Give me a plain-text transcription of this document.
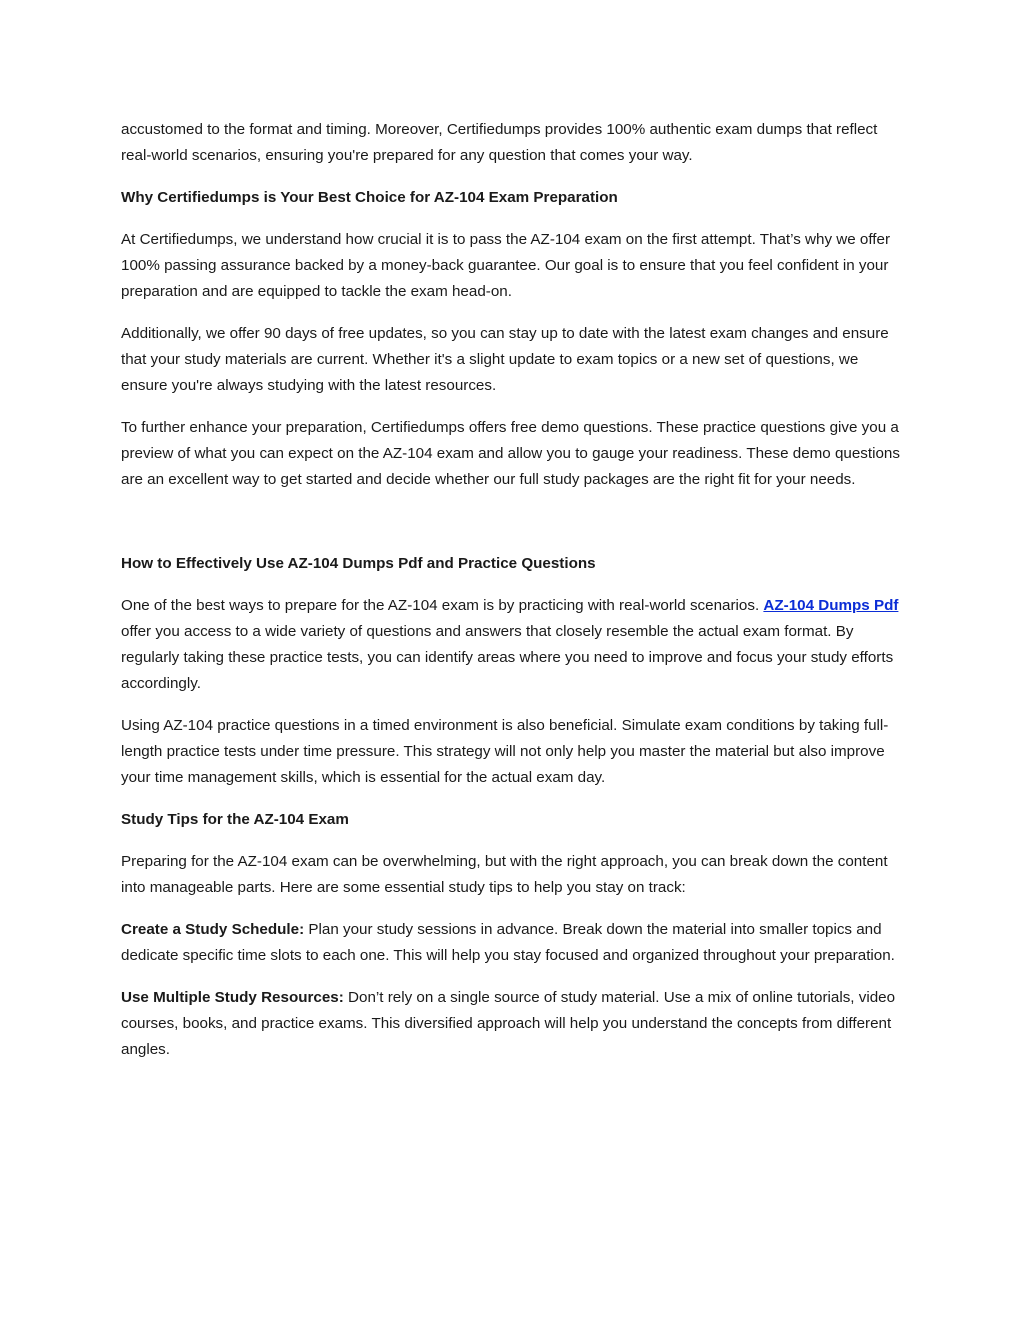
accustomed to the format and timing. Moreover, Certifiedumps provides 100% authentic exam dumps that reflect real-world scenarios, ensuring you're prepared for any question that comes your way.

Why Certifiedumps is Your Best Choice for AZ-104 Exam Preparation

At Certifiedumps, we understand how crucial it is to pass the AZ-104 exam on the first attempt. That’s why we offer 100% passing assurance backed by a money-back guarantee. Our goal is to ensure that you feel confident in your preparation and are equipped to tackle the exam head-on.

Additionally, we offer 90 days of free updates, so you can stay up to date with the latest exam changes and ensure that your study materials are current. Whether it's a slight update to exam topics or a new set of questions, we ensure you're always studying with the latest resources.

To further enhance your preparation, Certifiedumps offers free demo questions. These practice questions give you a preview of what you can expect on the AZ-104 exam and allow you to gauge your readiness. These demo questions are an excellent way to get started and decide whether our full study packages are the right fit for your needs.

How to Effectively Use AZ-104 Dumps Pdf and Practice Questions

One of the best ways to prepare for the AZ-104 exam is by practicing with real-world scenarios. AZ-104 Dumps Pdf offer you access to a wide variety of questions and answers that closely resemble the actual exam format. By regularly taking these practice tests, you can identify areas where you need to improve and focus your study efforts accordingly.

Using AZ-104 practice questions in a timed environment is also beneficial. Simulate exam conditions by taking full-length practice tests under time pressure. This strategy will not only help you master the material but also improve your time management skills, which is essential for the actual exam day.

Study Tips for the AZ-104 Exam

Preparing for the AZ-104 exam can be overwhelming, but with the right approach, you can break down the content into manageable parts. Here are some essential study tips to help you stay on track:

Create a Study Schedule: Plan your study sessions in advance. Break down the material into smaller topics and dedicate specific time slots to each one. This will help you stay focused and organized throughout your preparation.

Use Multiple Study Resources: Don’t rely on a single source of study material. Use a mix of online tutorials, video courses, books, and practice exams. This diversified approach will help you understand the concepts from different angles.
